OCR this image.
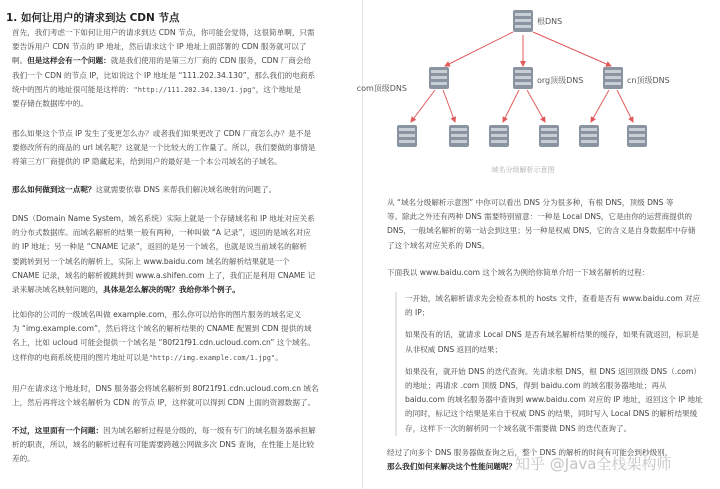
1. 如何让用户的请求到达 CDN 节点

首先，我们考虑一下如何让用户的请求到达 CDN 节点，你可能会觉得，这很简单啊，只需
要告诉用户 CDN 节点的 IP 地址，然后请求这个 IP 地址上面部署的 CDN 服务就可以了
啊。但是这样会有一个问题：就是我们使用的是第三方厂商的 CDN 服务，CDN 厂商会给
我们一个 CDN 的节点 IP，比如说这个 IP 地址是 “111.202.34.130”，那么我们的电商系
统中的图片的地址很可能是这样的："http://111.202.34.130/1.jpg"，这个地址是
要存储在数据库中的。

那么如果这个节点 IP 发生了变更怎么办？或者我们如果更改了 CDN 厂商怎么办？是不是
要修改所有的商品的 url 域名呢？这就是一个比较大的工作量了。所以，我们要做的事情是
将第三方厂商提供的 IP 隐藏起来，给到用户的最好是一个本公司域名的子域名。

那么如何做到这一点呢？这就需要依靠 DNS 来帮我们解决域名映射的问题了。

DNS（Domain Name System，域名系统）实际上就是一个存储域名和 IP 地址对应关系
的分布式数据库。而域名解析的结果一般有两种，一种叫做 “A 记录”，返回的是域名对应
的 IP 地址；另一种是 “CNAME 记录”，返回的是另一个域名，也就是说当前域名的解析
要跳转到另一个域名的解析上，实际上 www.baidu.com 域名的解析结果就是一个
CNAME 记录，域名的解析被跳转到 www.a.shifen.com 上了，我们正是利用 CNAME 记
录来解决域名映射问题的，具体是怎么解决的呢？我给你举个例子。

比如你的公司的一级域名叫做 example.com，那么你可以给你的图片服务的域名定义
为 “img.example.com”，然后将这个域名的解析结果的 CNAME 配置到 CDN 提供的域
名上，比如 ucloud 可能会提供一个域名是 “80f21f91.cdn.ucloud.com.cn” 这个域名。
这样你的电商系统使用的图片地址可以是"http://img.example.com/1.jpg"。

用户在请求这个地址时，DNS 服务器会将域名解析到 80f21f91.cdn.ucloud.com.cn 域名
上，然后再将这个域名解析为 CDN 的节点 IP，这样就可以得到 CDN 上面的资源数据了。

不过，这里面有一个问题：因为域名解析过程是分级的，每一级有专门的域名服务器承担解
析的职责，所以，域名的解析过程有可能需要跨越公网做多次 DNS 查询，在性能上是比较
差的。

根DNS
com顶级DNS
org顶级DNS	cn顶级DNS
域名分级解析示意图

从 “域名分级解析示意图” 中你可以看出 DNS 分为很多种，有根 DNS，顶级 DNS 等
等。除此之外还有两种 DNS 需要特别留意：一种是 Local DNS，它是由你的运营商提供的
DNS，一般域名解析的第一站会到这里；另一种是权威 DNS，它的含义是自身数据库中存储
了这个域名对应关系的 DNS。

下面我以 www.baidu.com 这个域名为例给你简单介绍一下域名解析的过程：

一开始，域名解析请求先会检查本机的 hosts 文件，查看是否有 www.baidu.com 对应
的 IP；

如果没有的话，就请求 Local DNS 是否有域名解析结果的缓存，如果有就返回，标识是
从非权威 DNS 返回的结果；

如果没有，就开始 DNS 的迭代查询。先请求根 DNS，根 DNS 返回顶级 DNS（.com）
的地址；再请求 .com 顶级 DNS，得到 baidu.com 的域名服务器地址；再从
baidu.com 的域名服务器中查询到 www.baidu.com 对应的 IP 地址，返回这个 IP 地址
的同时，标记这个结果是来自于权威 DNS 的结果，同时写入 Local DNS 的解析结果缓
存，这样下一次的解析同一个域名就不需要做 DNS 的迭代查询了。

经过了向多个 DNS 服务器做查询之后，整个 DNS 的解析的时间有可能会到秒级别，
那么我们如何来解决这个性能问题呢？

知乎 @Java全栈架构师
